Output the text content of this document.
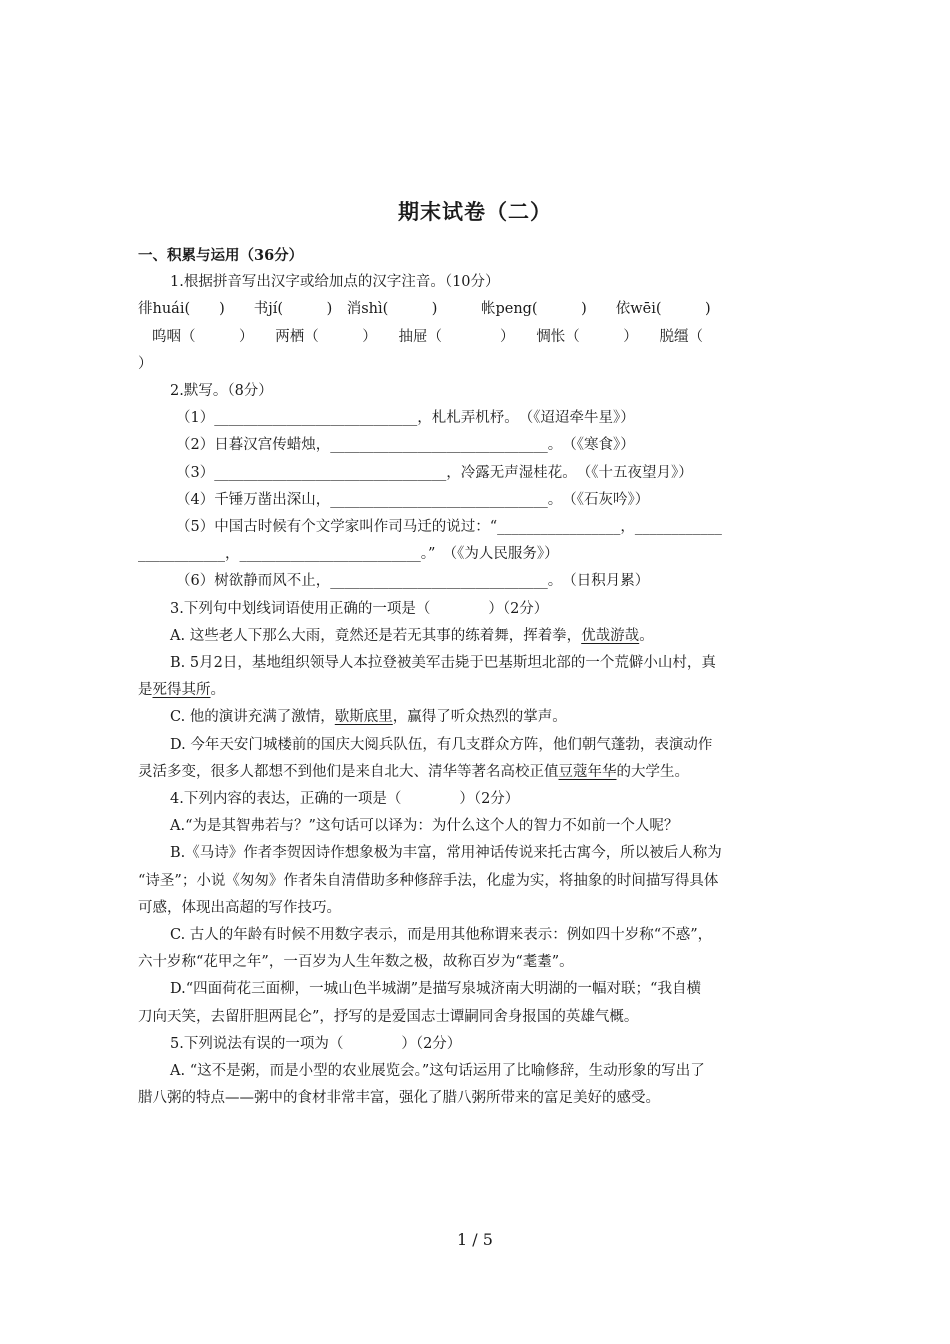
期末试卷（二）
一、积累与运用（36分）
1.根据拼音写出汉字或给加点的汉字注音。（10分）
徘huái(　　)　　书jí(　　　)　消shì(　　　)　　　帐peng(　　　)　　依wēi(　　　)
呜咽（　　　）　　两栖（　　　）　　抽屉（　　　　）　　惆怅（　　　）　　脱缰（
）
2.默写。（8分）
（1）____________________________，札札弄机杼。　（《迢迢牵牛星》）
（2）日暮汉宫传蜡烛，______________________________。　（《寒食》）
（3）________________________________，冷露无声湿桂花。　（《十五夜望月》）
（4）千锤万凿出深山，______________________________。　（《石灰吟》）
（5）中国古时候有个文学家叫作司马迁的说过：“_________________，____________
____________，_________________________。”　（《为人民服务》）
（6）树欲静而风不止，______________________________。　（日积月累）
3.下列句中划线词语使用正确的一项是（　　　　）（2分）
A. 这些老人下那么大雨，竟然还是若无其事的练着舞，挥着拳，优哉游哉。
B. 5月2日，基地组织领导人本拉登被美军击毙于巴基斯坦北部的一个荒僻小山村，真
是死得其所。
C. 他的演讲充满了激情，歇斯底里，赢得了听众热烈的掌声。
D. 今年天安门城楼前的国庆大阅兵队伍，有几支群众方阵，他们朝气蓬勃，表演动作
灵活多变，很多人都想不到他们是来自北大、清华等著名高校正值豆蔻年华的大学生。
4.下列内容的表达，正确的一项是（　　　　）（2分）
A.“为是其智弗若与？”这句话可以译为：为什么这个人的智力不如前一个人呢？
B.《马诗》作者李贺因诗作想象极为丰富，常用神话传说来托古寓今，所以被后人称为
“诗圣”；小说《匆匆》作者朱自清借助多种修辞手法，化虚为实，将抽象的时间描写得具体
可感，体现出高超的写作技巧。
C. 古人的年龄有时候不用数字表示，而是用其他称谓来表示：例如四十岁称“不惑”，
六十岁称“花甲之年”，一百岁为人生年数之极，故称百岁为“耄耋”。
D.“四面荷花三面柳，一城山色半城湖”是描写泉城济南大明湖的一幅对联；“我自横
刀向天笑，去留肝胆两昆仑”，抒写的是爱国志士谭嗣同舍身报国的英雄气概。
5.下列说法有误的一项为（　　　　）（2分）
A. “这不是粥，而是小型的农业展览会。”这句话运用了比喻修辞，生动形象的写出了
腊八粥的特点——粥中的食材非常丰富，强化了腊八粥所带来的富足美好的感受。
1 / 5
